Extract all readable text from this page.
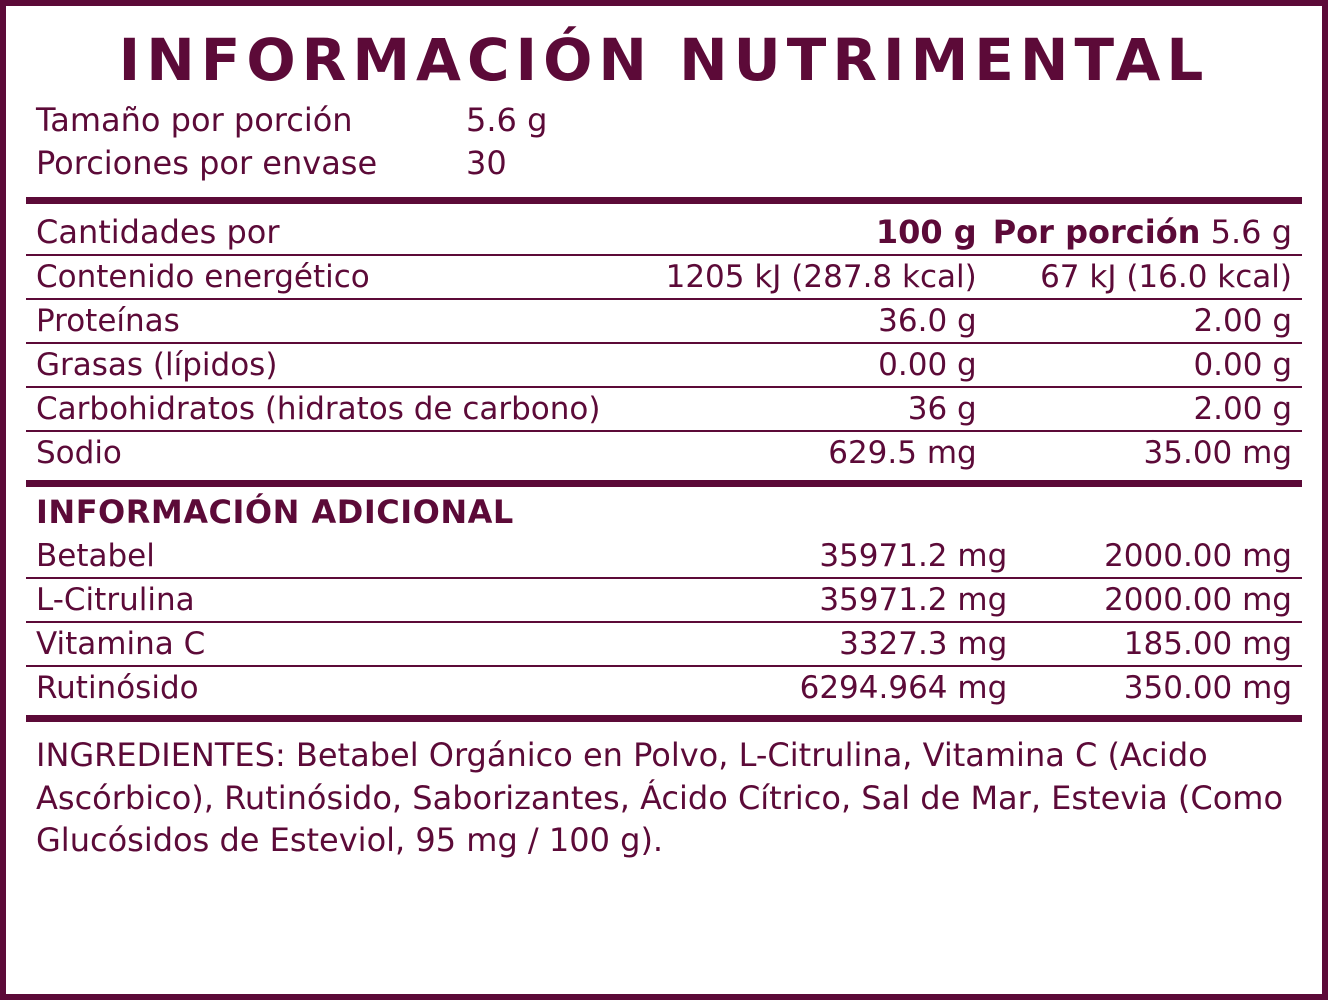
INFORMACIÓN NUTRIMENTAL
Tamaño por porción	5.6 g
Porciones por envase	30
Cantidades por	100 g	Por porción 5.6 g
Contenido energético	1205 kJ (287.8 kcal)	67 kJ (16.0 kcal)
Proteínas	36.0 g	2.00 g
Grasas (lípidos)	0.00 g	0.00 g
Carbohidratos (hidratos de carbono)	36 g	2.00 g
Sodio	629.5 mg	35.00 mg
INFORMACIÓN ADICIONAL
Betabel	35971.2 mg	2000.00 mg
L-Citrulina	35971.2 mg	2000.00 mg
Vitamina C	3327.3 mg	185.00 mg
Rutinósido	6294.964 mg	350.00 mg
INGREDIENTES: Betabel Orgánico en Polvo, L-Citrulina, Vitamina C (Acido Ascórbico), Rutinósido, Saborizantes, Ácido Cítrico, Sal de Mar, Estevia (Como Glucósidos de Esteviol, 95 mg / 100 g).
